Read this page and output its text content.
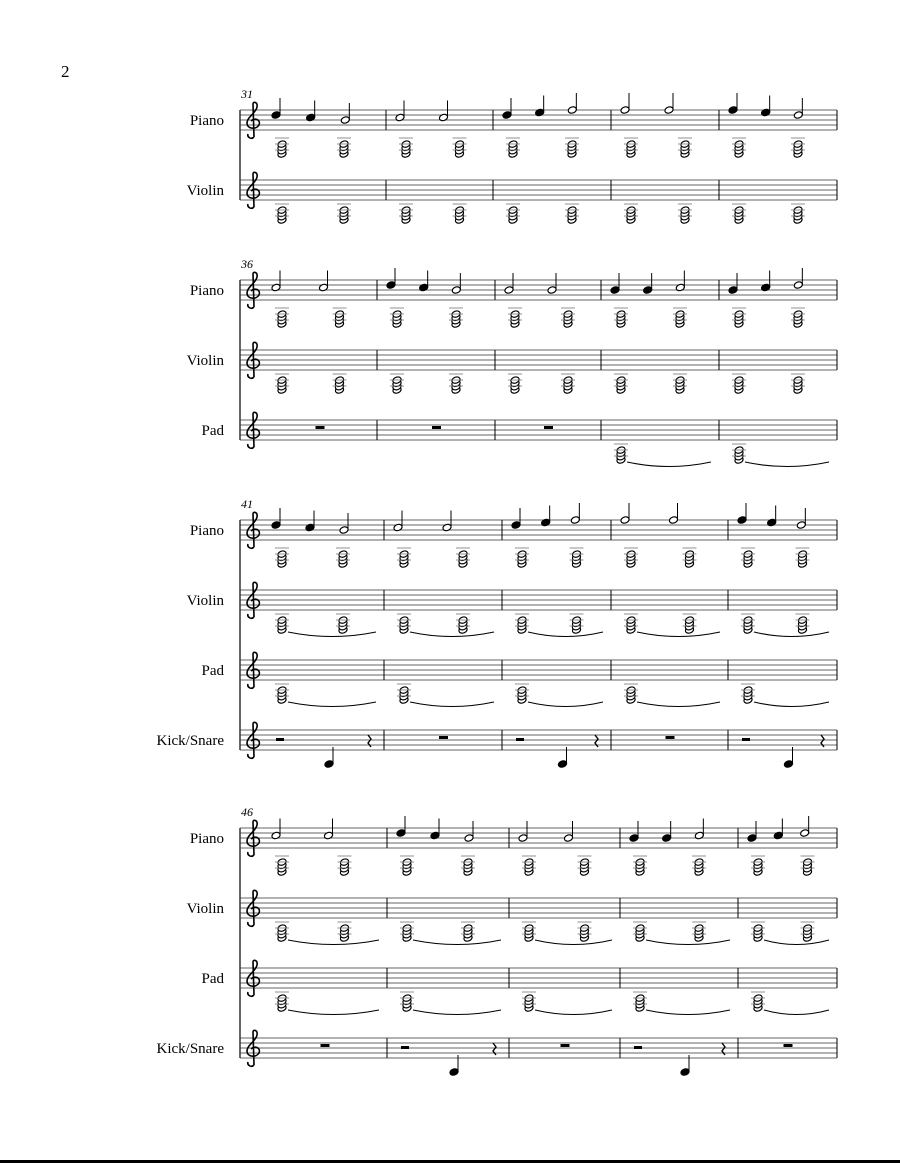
2
31
Piano
Violin
36
Piano
Violin
Pad
41
Piano
Violin
Pad
Kick/Snare
46
Piano
Violin
Pad
Kick/Snare
